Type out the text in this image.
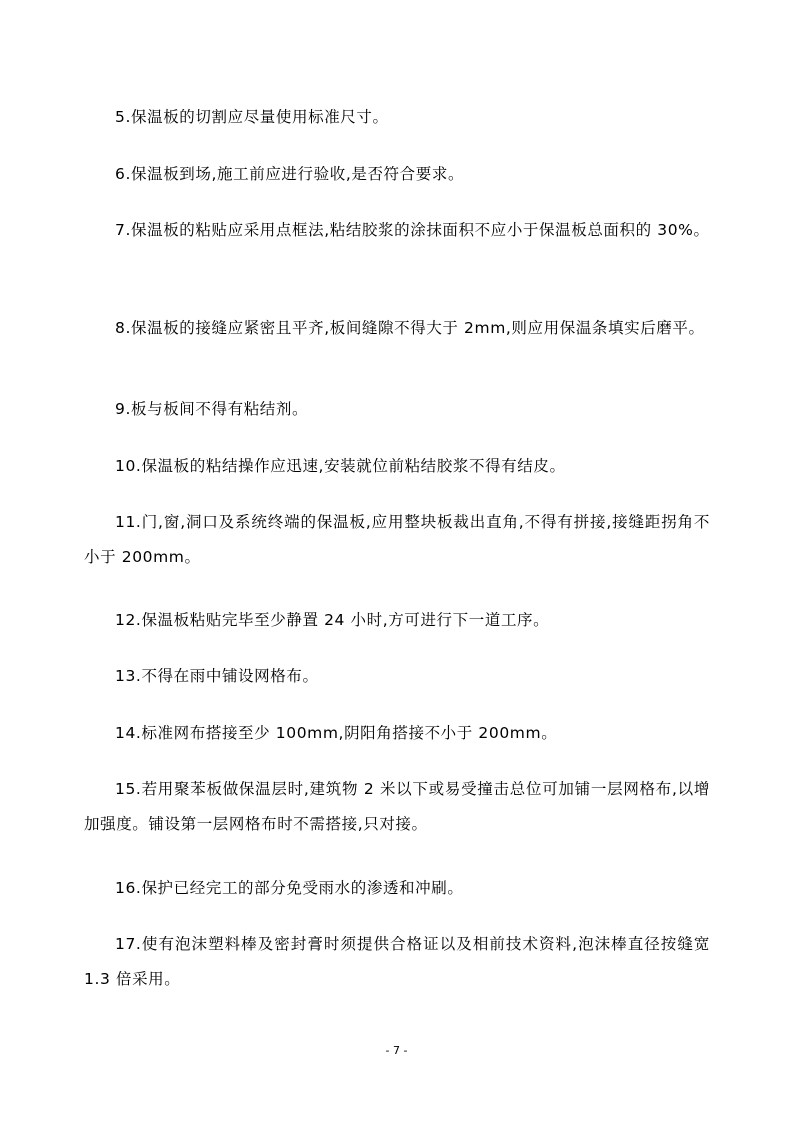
5.保温板的切割应尽量使用标准尺寸。

6.保温板到场,施工前应进行验收,是否符合要求。

7.保温板的粘贴应采用点框法,粘结胶浆的涂抹面积不应小于保温板总面积的 30%。

8.保温板的接缝应紧密且平齐,板间缝隙不得大于 2mm,则应用保温条填实后磨平。

9.板与板间不得有粘结剂。

10.保温板的粘结操作应迅速,安装就位前粘结胶浆不得有结皮。

11.门,窗,洞口及系统终端的保温板,应用整块板裁出直角,不得有拼接,接缝距拐角不小于 200mm。

12.保温板粘贴完毕至少静置 24 小时,方可进行下一道工序。

13.不得在雨中铺设网格布。

14.标准网布搭接至少 100mm,阴阳角搭接不小于 200mm。

15.若用聚苯板做保温层时,建筑物 2 米以下或易受撞击总位可加铺一层网格布,以增加强度。铺设第一层网格布时不需搭接,只对接。

16.保护已经完工的部分免受雨水的渗透和冲刷。

17.使有泡沫塑料棒及密封膏时须提供合格证以及相前技术资料,泡沫棒直径按缝宽 1.3 倍采用。

- 7 -
